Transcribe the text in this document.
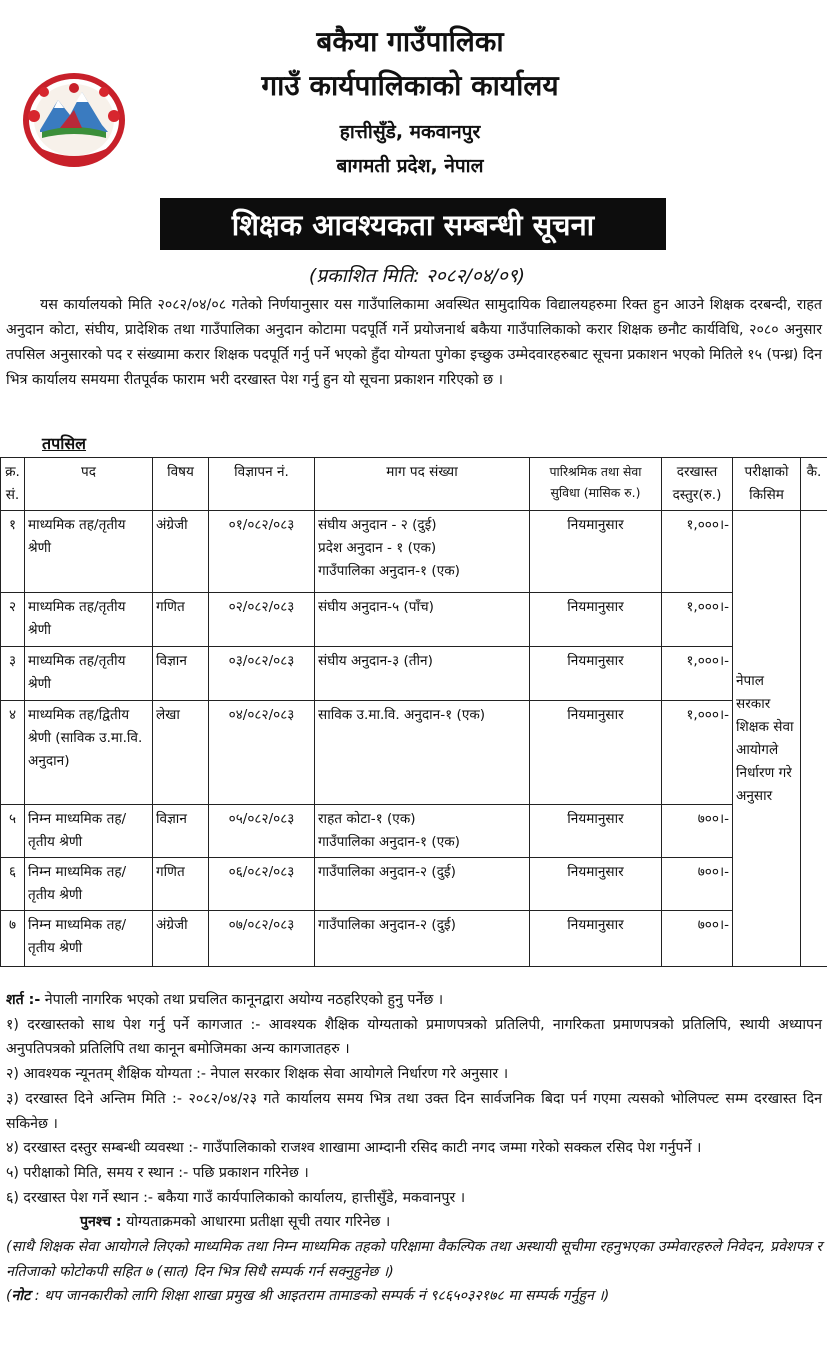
बकैया गाउँपालिका
गाउँ कार्यपालिकाको कार्यालय
हात्तीसुँडे, मकवानपुर
बागमती प्रदेश, नेपाल
शिक्षक आवश्यकता सम्बन्धी सूचना
(प्रकाशित मिति: २०८२/०४/०९)
यस कार्यालयको मिति २०८२/०४/०८ गतेको निर्णयानुसार यस गाउँपालिकामा अवस्थित सामुदायिक विद्यालयहरुमा रिक्त हुन आउने शिक्षक दरबन्दी, राहत अनुदान कोटा, संघीय, प्रादेशिक तथा गाउँपालिका अनुदान कोटामा पदपूर्ति गर्ने प्रयोजनार्थ बकैया गाउँपालिकाको करार शिक्षक छनौट कार्यविधि, २०८० अनुसार तपसिल अनुसारको पद र संख्यामा करार शिक्षक पदपूर्ति गर्नु पर्ने भएको हुँदा योग्यता पुगेका इच्छुक उम्मेदवारहरुबाट सूचना प्रकाशन भएको मितिले १५ (पन्ध्र) दिन भित्र कार्यालय समयमा रीतपूर्वक फाराम भरी दरखास्त पेश गर्नु हुन यो सूचना प्रकाशन गरिएको छ ।
तपसिल
क्र. सं.	पद	विषय	विज्ञापन नं.	माग पद संख्या	पारिश्रमिक तथा सेवा सुविधा (मासिक रु.)	दरखास्त दस्तुर(रु.)	परीक्षाको किसिम	कै.
१	माध्यमिक तह/तृतीय श्रेणी	अंग्रेजी	०१/०८२/०८३	संघीय अनुदान - २ (दुई)
प्रदेश अनुदान - १ (एक)
गाउँपालिका अनुदान-१ (एक)	नियमानुसार	१,०००।-	नेपाल सरकार शिक्षक सेवा आयोगले निर्धारण गरे अनुसार	
२	माध्यमिक तह/तृतीय श्रेणी	गणित	०२/०८२/०८३	संघीय अनुदान-५ (पाँच)	नियमानुसार	१,०००।-		
३	माध्यमिक तह/तृतीय श्रेणी	विज्ञान	०३/०८२/०८३	संघीय अनुदान-३ (तीन)	नियमानुसार	१,०००।-		
४	माध्यमिक तह/द्वितीय श्रेणी (साविक उ.मा.वि. अनुदान)	लेखा	०४/०८२/०८३	साविक उ.मा.वि. अनुदान-१ (एक)	नियमानुसार	१,०००।-		
५	निम्न माध्यमिक तह/तृतीय श्रेणी	विज्ञान	०५/०८२/०८३	राहत कोटा-१ (एक)
गाउँपालिका अनुदान-१ (एक)	नियमानुसार	७००।-		
६	निम्न माध्यमिक तह/तृतीय श्रेणी	गणित	०६/०८२/०८३	गाउँपालिका अनुदान-२ (दुई)	नियमानुसार	७००।-		
७	निम्न माध्यमिक तह/तृतीय श्रेणी	अंग्रेजी	०७/०८२/०८३	गाउँपालिका अनुदान-२ (दुई)	नियमानुसार	७००।-		

शर्त :- नेपाली नागरिक भएको तथा प्रचलित कानूनद्वारा अयोग्य नठहरिएको हुनु पर्नेछ ।

१) दरखास्तको साथ पेश गर्नु पर्ने कागजात :- आवश्यक शैक्षिक योग्यताको प्रमाणपत्रको प्रतिलिपी, नागरिकता प्रमाणपत्रको प्रतिलिपि, स्थायी अध्यापन अनुपतिपत्रको प्रतिलिपि तथा कानून बमोजिमका अन्य कागजातहरु ।

२) आवश्यक न्यूनतम् शैक्षिक योग्यता :- नेपाल सरकार शिक्षक सेवा आयोगले निर्धारण गरे अनुसार ।

३) दरखास्त दिने अन्तिम मिति :- २०८२/०४/२३ गते कार्यालय समय भित्र तथा उक्त दिन सार्वजनिक बिदा पर्न गएमा त्यसको भोलिपल्ट सम्म दरखास्त दिन सकिनेछ ।

४) दरखास्त दस्तुर सम्बन्धी व्यवस्था :- गाउँपालिकाको राजश्व शाखामा आम्दानी रसिद काटी नगद जम्मा गरेको सक्कल रसिद पेश गर्नुपर्ने ।

५) परीक्षाको मिति, समय र स्थान :- पछि प्रकाशन गरिनेछ ।

६) दरखास्त पेश गर्ने स्थान :- बकैया गाउँ कार्यपालिकाको कार्यालय, हात्तीसुँडे, मकवानपुर ।

पुनश्च : योग्यताक्रमको आधारमा प्रतीक्षा सूची तयार गरिनेछ ।

(साथै शिक्षक सेवा आयोगले लिएको माध्यमिक तथा निम्न माध्यमिक तहको परिक्षामा वैकल्पिक तथा अस्थायी सूचीमा रहनुभएका उम्मेवारहरुले निवेदन, प्रवेशपत्र र नतिजाको फोटोकपी सहित ७ (सात) दिन भित्र सिधै सम्पर्क गर्न सक्नुहुनेछ ।)

(नोट : थप जानकारीको लागि शिक्षा शाखा प्रमुख श्री आइतराम तामाङको सम्पर्क नं ९८६५०३२१७८ मा सम्पर्क गर्नुहुन ।)
